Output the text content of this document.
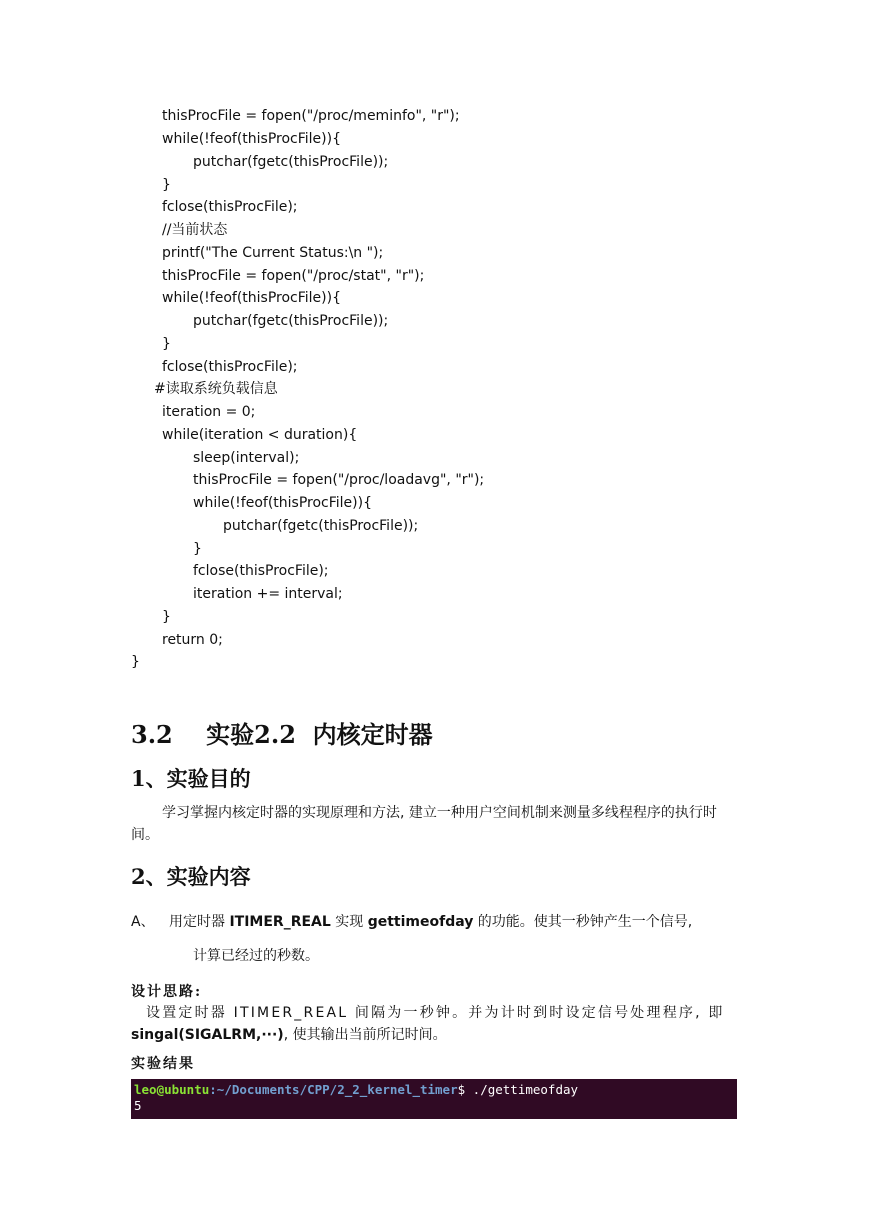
thisProcFile = fopen("/proc/meminfo", "r");
while(!feof(thisProcFile)){
putchar(fgetc(thisProcFile));
}
fclose(thisProcFile);
//当前状态
printf("The Current Status:\n ");
thisProcFile = fopen("/proc/stat", "r");
while(!feof(thisProcFile)){
putchar(fgetc(thisProcFile));
}
fclose(thisProcFile);
#读取系统负载信息
iteration = 0;
while(iteration < duration){
sleep(interval);
thisProcFile = fopen("/proc/loadavg", "r");
while(!feof(thisProcFile)){
putchar(fgetc(thisProcFile));
}
fclose(thisProcFile);
iteration += interval;
}
return 0;
}
3.2    实验2.2  内核定时器
1、实验目的
学习掌握内核定时器的实现原理和方法, 建立一种用户空间机制来测量多线程程序的执行时间。
2、实验内容
A、 用定时器 ITIMER_REAL 实现 gettimeofday 的功能。使其一秒钟产生一个信号,
计算已经过的秒数。
设计思路:
设置定时器 ITIMER_REAL 间隔为一秒钟。并为计时到时设定信号处理程序, 即
singal(SIGALRM,···), 使其输出当前所记时间。
实验结果
leo@ubuntu:~/Documents/CPP/2_2_kernel_timer$ ./gettimeofday
5
